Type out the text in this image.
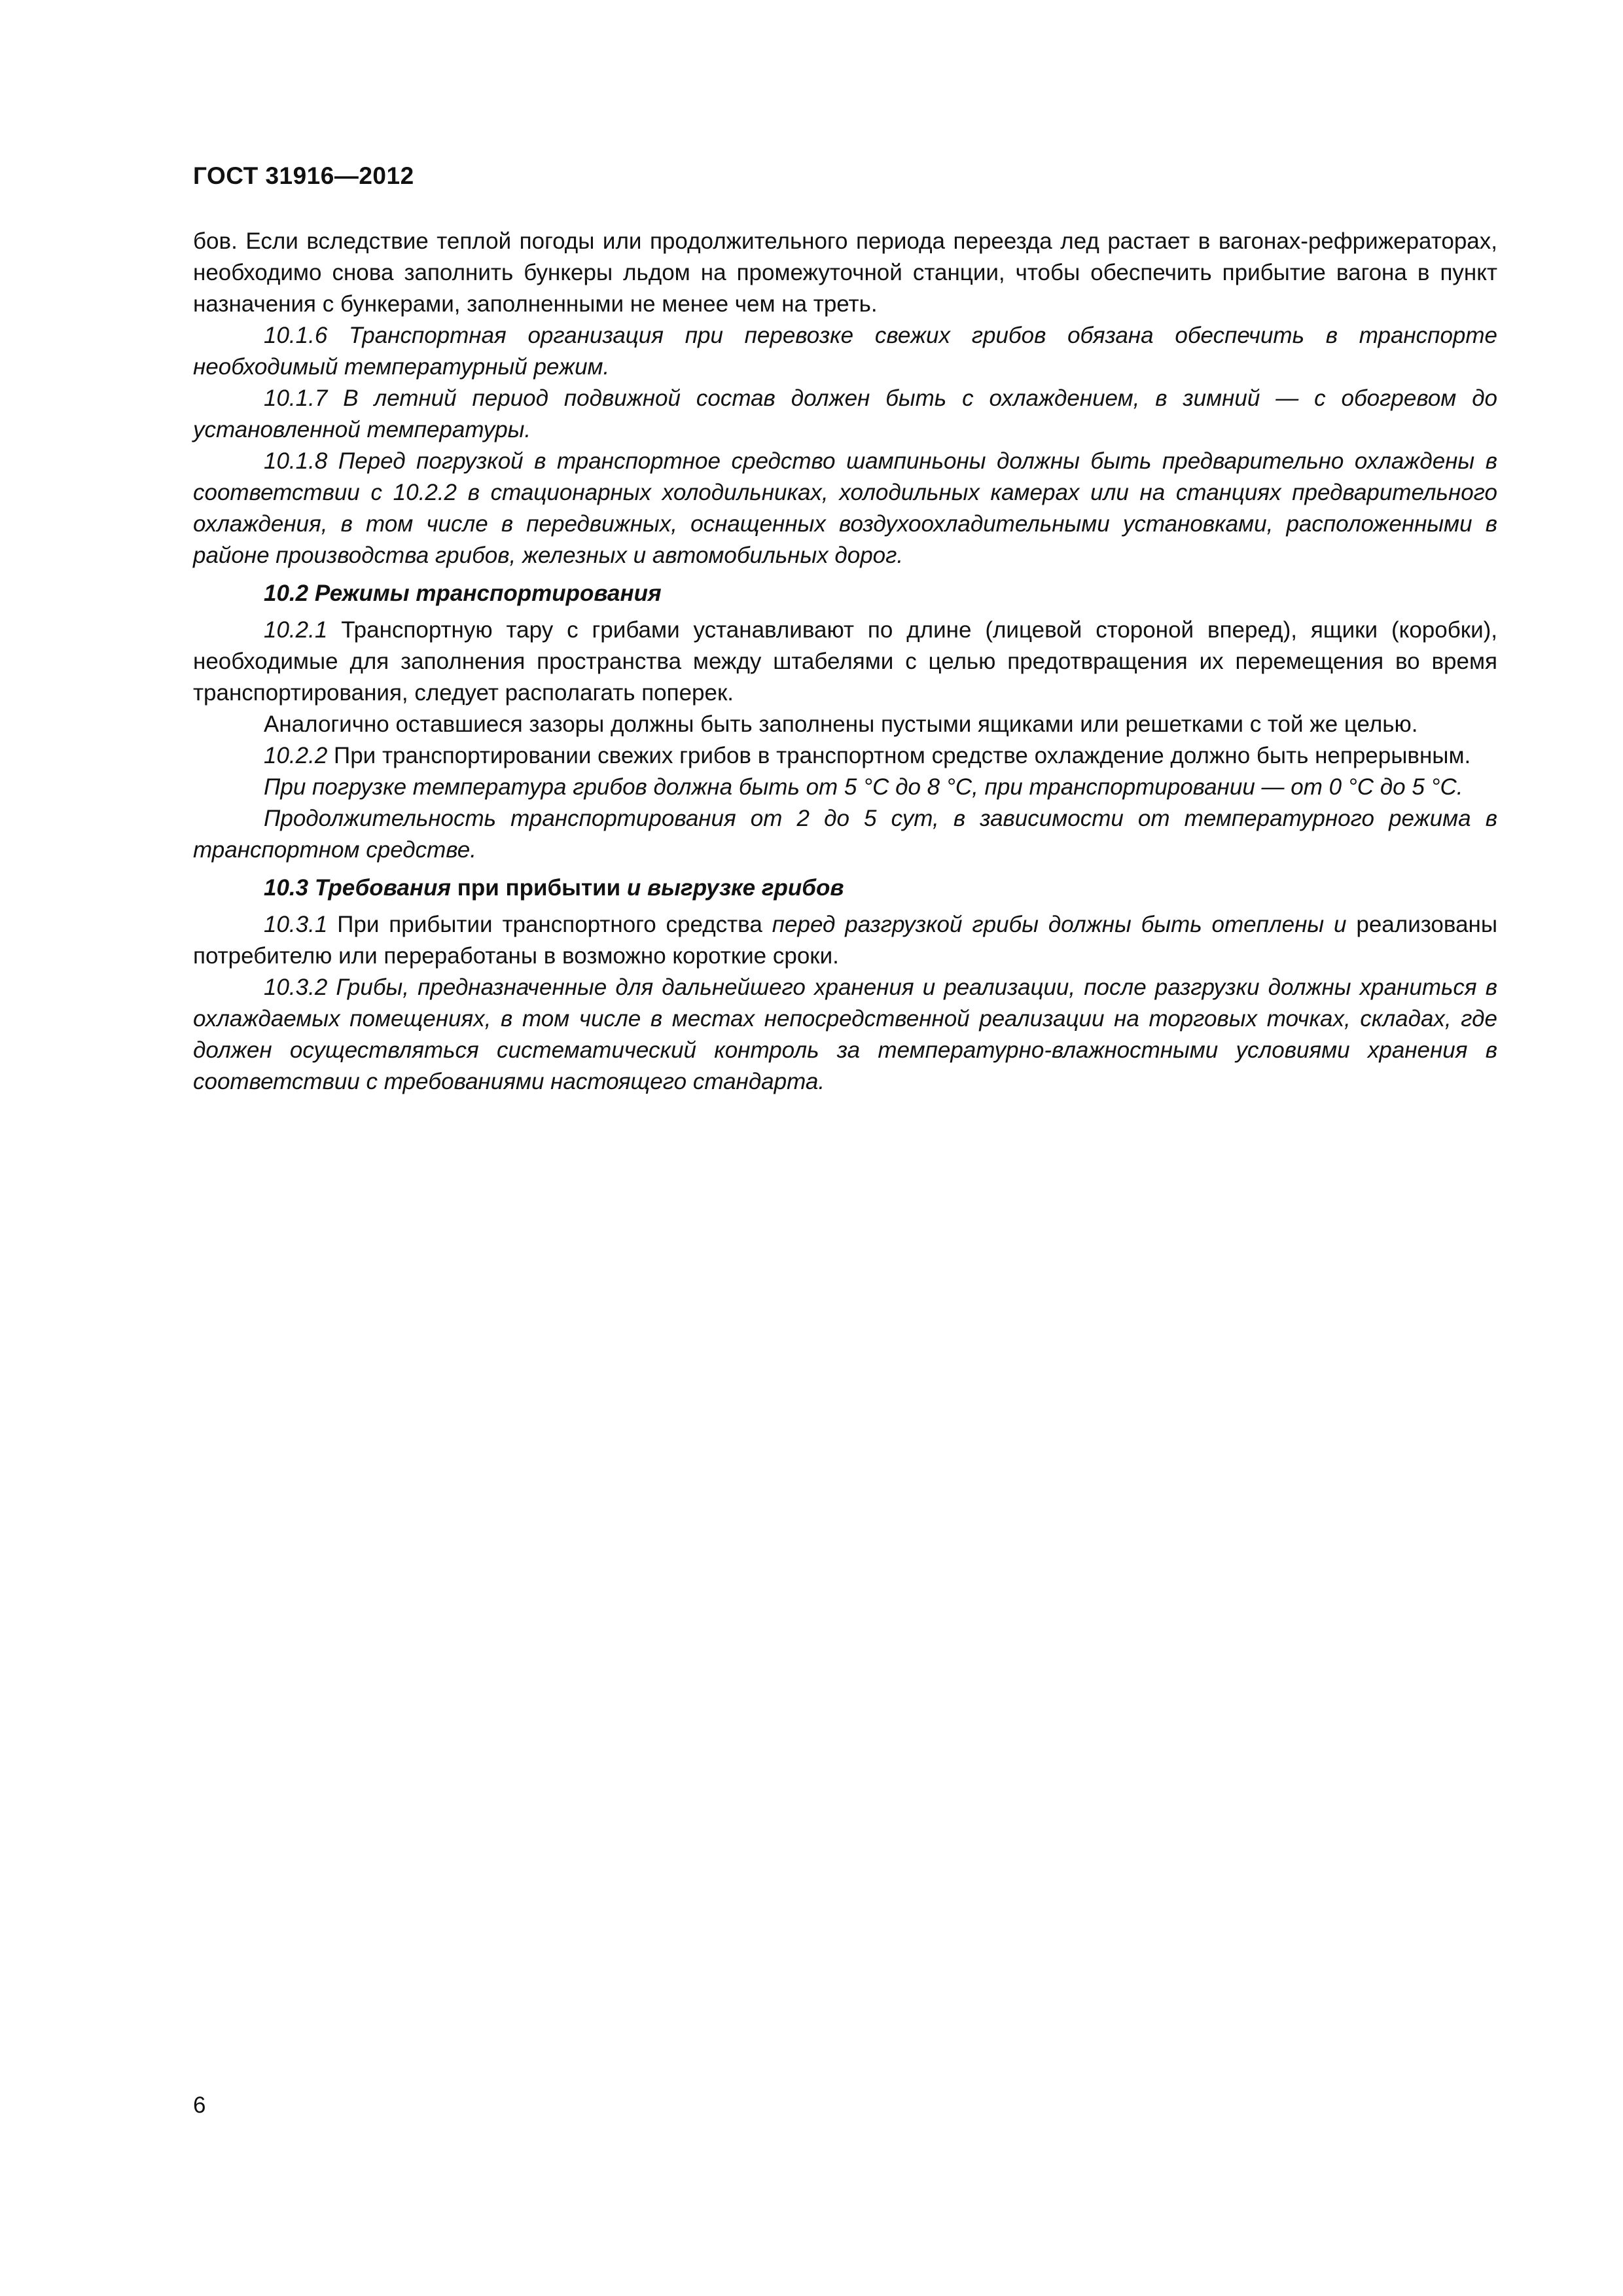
ГОСТ 31916—2012

бов. Если вследствие теплой погоды или продолжительного периода переезда лед растает в вагонах-рефрижераторах, необходимо снова заполнить бункеры льдом на промежуточной станции, чтобы обеспечить прибытие вагона в пункт назначения с бункерами, заполненными не менее чем на треть.

10.1.6 Транспортная организация при перевозке свежих грибов обязана обеспечить в транспорте необходимый температурный режим.

10.1.7 В летний период подвижной состав должен быть с охлаждением, в зимний — с обогревом до установленной температуры.

10.1.8 Перед погрузкой в транспортное средство шампиньоны должны быть предварительно охлаждены в соответствии с 10.2.2 в стационарных холодильниках, холодильных камерах или на станциях предварительного охлаждения, в том числе в передвижных, оснащенных воздухоохладительными установками, расположенными в районе производства грибов, железных и автомобильных дорог.

10.2 Режимы транспортирования

10.2.1 Транспортную тару с грибами устанавливают по длине (лицевой стороной вперед), ящики (коробки), необходимые для заполнения пространства между штабелями с целью предотвращения их перемещения во время транспортирования, следует располагать поперек.

Аналогично оставшиеся зазоры должны быть заполнены пустыми ящиками или решетками с той же целью.

10.2.2 При транспортировании свежих грибов в транспортном средстве охлаждение должно быть непрерывным.

При погрузке температура грибов должна быть от 5 °С до 8 °С, при транспортировании — от 0 °С до 5 °С.

Продолжительность транспортирования от 2 до 5 сут, в зависимости от температурного режима в транспортном средстве.

10.3 Требования при прибытии и выгрузке грибов

10.3.1 При прибытии транспортного средства перед разгрузкой грибы должны быть отеплены и реализованы потребителю или переработаны в возможно короткие сроки.

10.3.2 Грибы, предназначенные для дальнейшего хранения и реализации, после разгрузки должны храниться в охлаждаемых помещениях, в том числе в местах непосредственной реализации на торговых точках, складах, где должен осуществляться систематический контроль за температурно-влажностными условиями хранения в соответствии с требованиями настоящего стандарта.

6
